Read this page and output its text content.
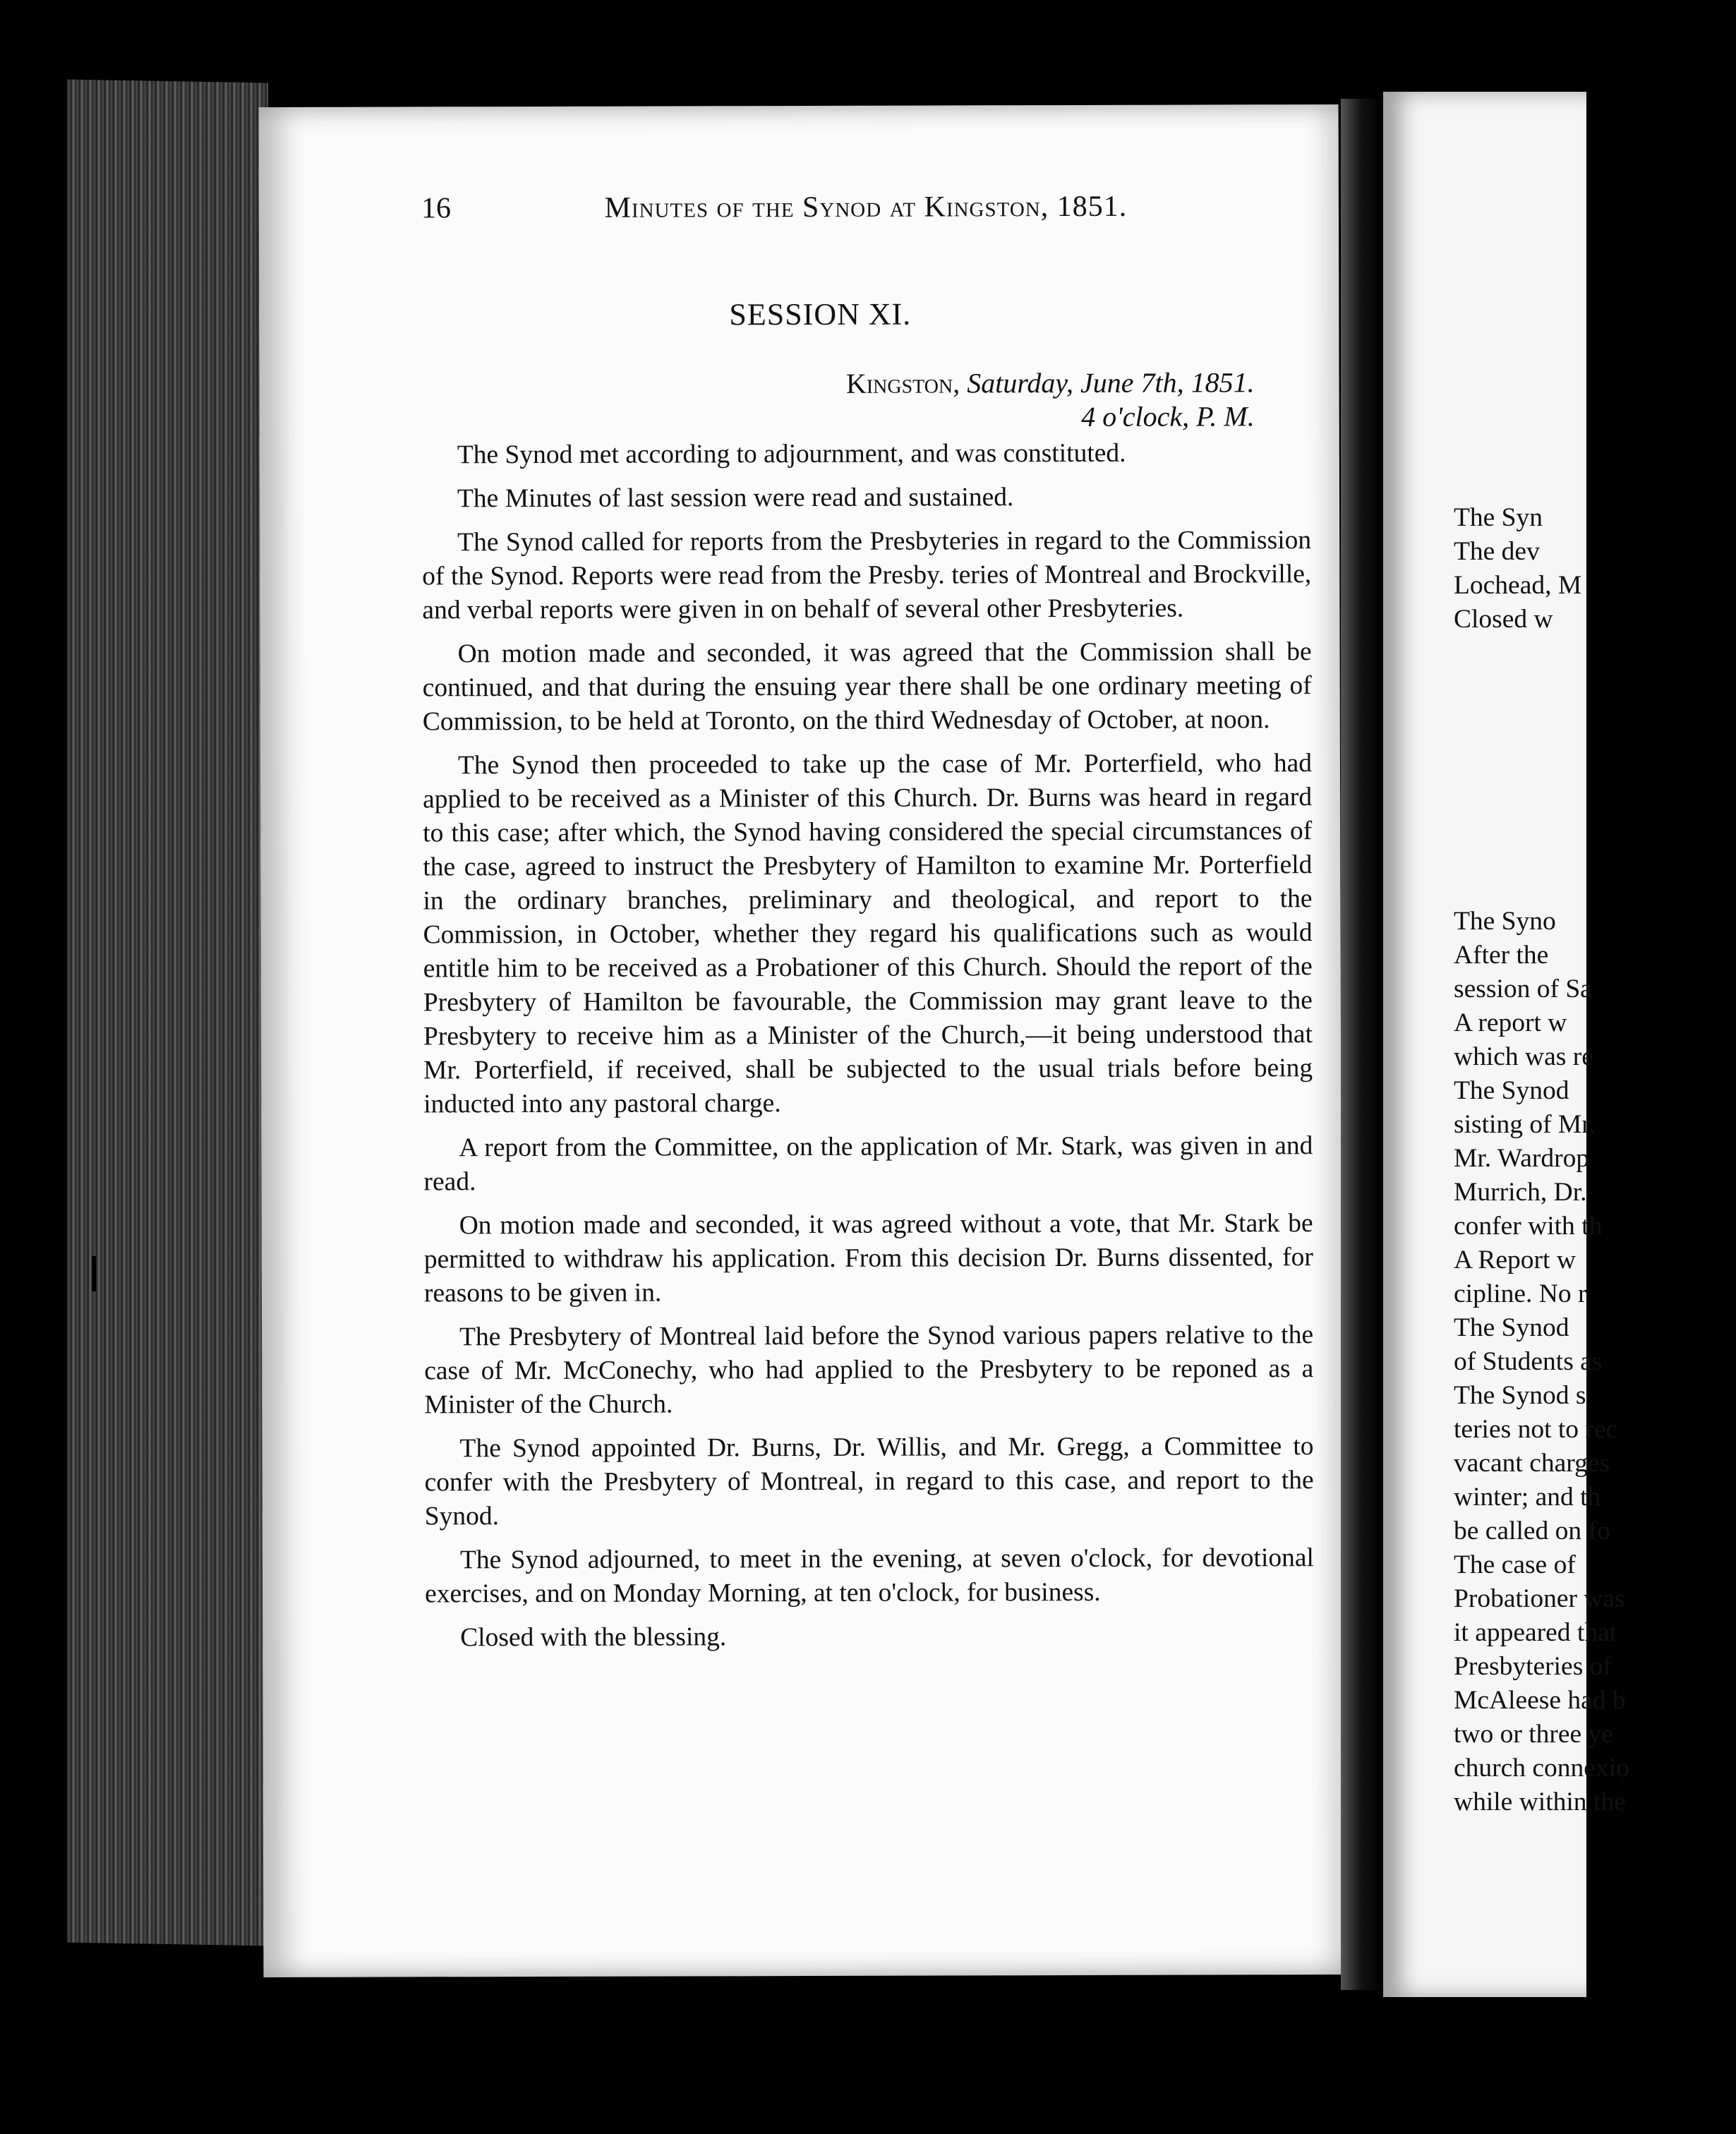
16	Minutes of the Synod at Kingston, 1851.
SESSION XI.
Kingston, Saturday, June 7th, 1851.
4 o'clock, P. M.

The Synod met according to adjournment, and was constituted.

The Minutes of last session were read and sustained.

The Synod called for reports from the Presbyteries in regard to the Commission of the Synod. Reports were read from the Presby. teries of Montreal and Brockville, and verbal reports were given in on behalf of several other Presbyteries.

On motion made and seconded, it was agreed that the Commission shall be continued, and that during the ensuing year there shall be one ordinary meeting of Commission, to be held at Toronto, on the third Wednesday of October, at noon.

The Synod then proceeded to take up the case of Mr. Porterfield, who had applied to be received as a Minister of this Church. Dr. Burns was heard in regard to this case; after which, the Synod having considered the special circumstances of the case, agreed to instruct the Presbytery of Hamilton to examine Mr. Porterfield in the ordinary branches, preliminary and theological, and report to the Commission, in October, whether they regard his qualifications such as would entitle him to be received as a Probationer of this Church. Should the report of the Presbytery of Hamilton be favourable, the Commission may grant leave to the Presbytery to receive him as a Minister of the Church,—it being understood that Mr. Porterfield, if received, shall be subjected to the usual trials before being inducted into any pastoral charge.

A report from the Committee, on the application of Mr. Stark, was given in and read.

On motion made and seconded, it was agreed without a vote, that Mr. Stark be permitted to withdraw his application. From this decision Dr. Burns dissented, for reasons to be given in.

The Presbytery of Montreal laid before the Synod various papers relative to the case of Mr. McConechy, who had applied to the Presbytery to be reponed as a Minister of the Church.

The Synod appointed Dr. Burns, Dr. Willis, and Mr. Gregg, a Committee to confer with the Presbytery of Montreal, in regard to this case, and report to the Synod.

The Synod adjourned, to meet in the evening, at seven o'clock, for devotional exercises, and on Monday Morning, at ten o'clock, for business.

Closed with the blessing.

The Syn
The dev
Lochead, M
Closed w
The Syno
After the
session of Sa
A report w
which was re
The Synod
sisting of Mr.
Mr. Wardrop
Murrich, Dr.
confer with th
A Report w
cipline. No r
The Synod
of Students as
The Synod s
teries not to rec
vacant charges
winter; and th
be called on fo
The case of
Probationer was
it appeared that
Presbyteries of
McAleese had b
two or three ye
church connexio
while within the
